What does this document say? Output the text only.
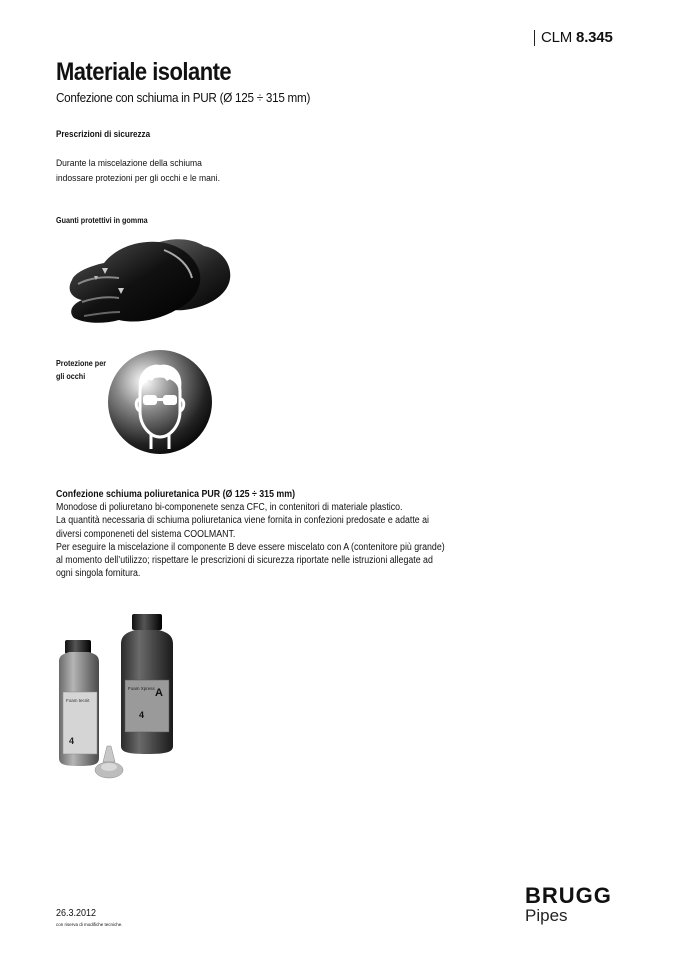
CLM 8.345
Materiale isolante
Confezione con schiuma in PUR (Ø 125 ÷ 315 mm)
Prescrizioni di sicurezza
Durante la miscelazione della schiuma
indossare protezioni per gli occhi e le mani.
Guanti protettivi in gomma
Protezione per
gli occhi
Confezione schiuma poliuretanica PUR (Ø 125 ÷ 315 mm)
Monodose di poliuretano bi-componenete senza CFC, in contenitori di materiale plastico.
La quantità necessaria di schiuma poliuretanica viene fornita in confezioni predosate e adatte ai
diversi componeneti del sistema COOLMANT.
Per eseguire la miscelazione il componente B deve essere miscelato con A (contenitore più grande)
al momento dell’utilizzo; rispettare le prescrizioni di sicurezza riportate nelle istruzioni allegate ad
ogni singola fornitura.
Foam tecnit
4
Foam Xpress A
4
26.3.2012
con riserva di modifiche tecniche.
BRUGG
Pipes
